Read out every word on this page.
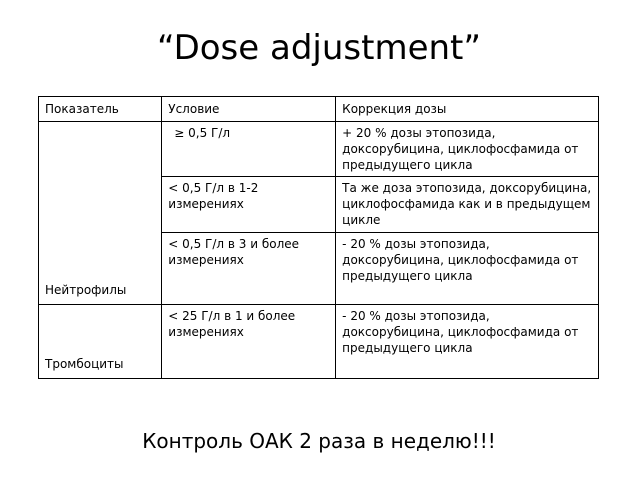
“Dose adjustment”
Показатель	Условие	Коррекция дозы
Нейтрофилы	≥ 0,5 Г/л	+ 20 % дозы этопозида, доксорубицина, циклофосфамида от предыдущего цикла
	< 0,5 Г/л в 1-2 измерениях	Та же доза этопозида, доксорубицина, циклофосфамида как и в предыдущем цикле
	< 0,5 Г/л в 3 и более измерениях	- 20 % дозы этопозида, доксорубицина, циклофосфамида от предыдущего цикла
Тромбоциты	< 25 Г/л в 1 и более измерениях	- 20 % дозы этопозида, доксорубицина, циклофосфамида от предыдущего цикла
Контроль ОАК 2 раза в неделю!!!
